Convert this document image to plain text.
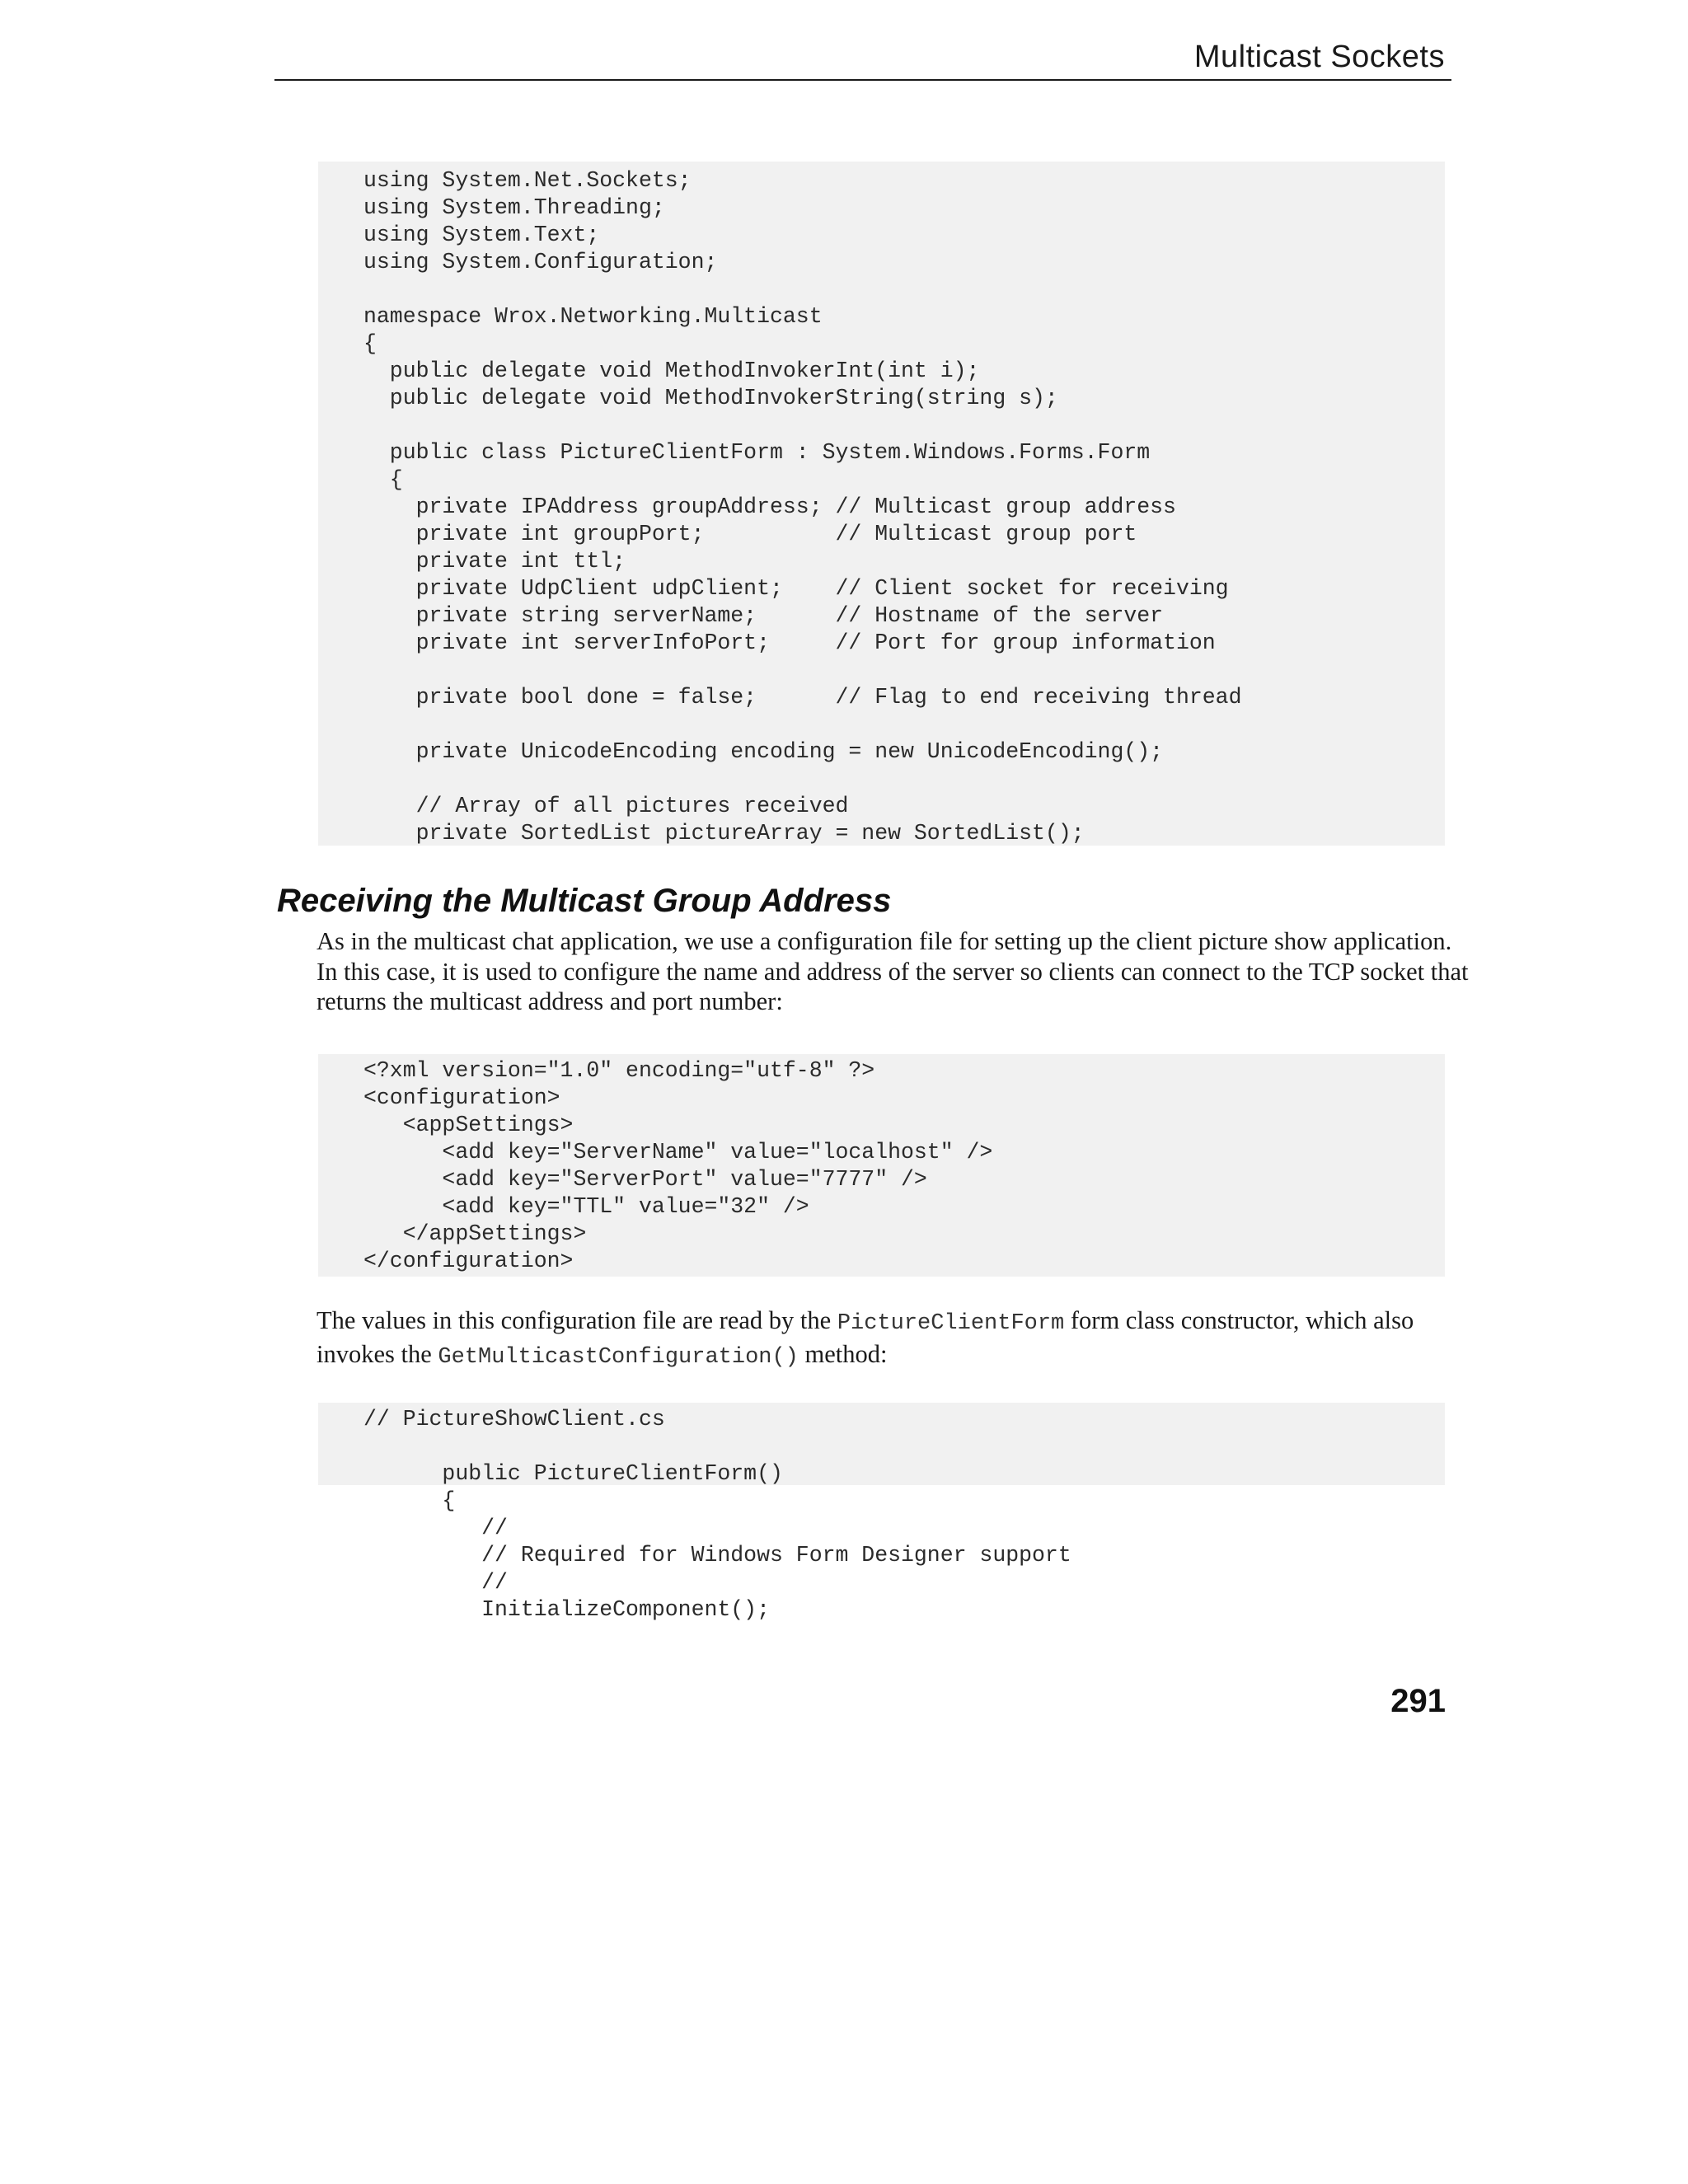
Multicast Sockets
using System.Net.Sockets;
using System.Threading;
using System.Text;
using System.Configuration;
namespace Wrox.Networking.Multicast
{
public delegate void MethodInvokerInt(int i);
public delegate void MethodInvokerString(string s);
public class PictureClientForm : System.Windows.Forms.Form
{
private IPAddress groupAddress; // Multicast group address
private int groupPort;          // Multicast group port
private int ttl;
private UdpClient udpClient;    // Client socket for receiving
private string serverName;      // Hostname of the server
private int serverInfoPort;     // Port for group information
private bool done = false;      // Flag to end receiving thread
private UnicodeEncoding encoding = new UnicodeEncoding();
// Array of all pictures received
private SortedList pictureArray = new SortedList();
Receiving the Multicast Group Address

As in the multicast chat application, we use a configuration file for setting up the client picture show application. In this case, it is used to configure the name and address of the server so clients can connect to the TCP socket that returns the multicast address and port number:

<?xml version="1.0" encoding="utf-8" ?>
<configuration>
<appSettings>
<add key="ServerName" value="localhost" />
<add key="ServerPort" value="7777" />
<add key="TTL" value="32" />
</appSettings>
</configuration>

The values in this configuration file are read by the PictureClientForm form class constructor, which also invokes the GetMulticastConfiguration() method:

// PictureShowClient.cs
public PictureClientForm()
{
//
// Required for Windows Form Designer support
//
InitializeComponent();
291
